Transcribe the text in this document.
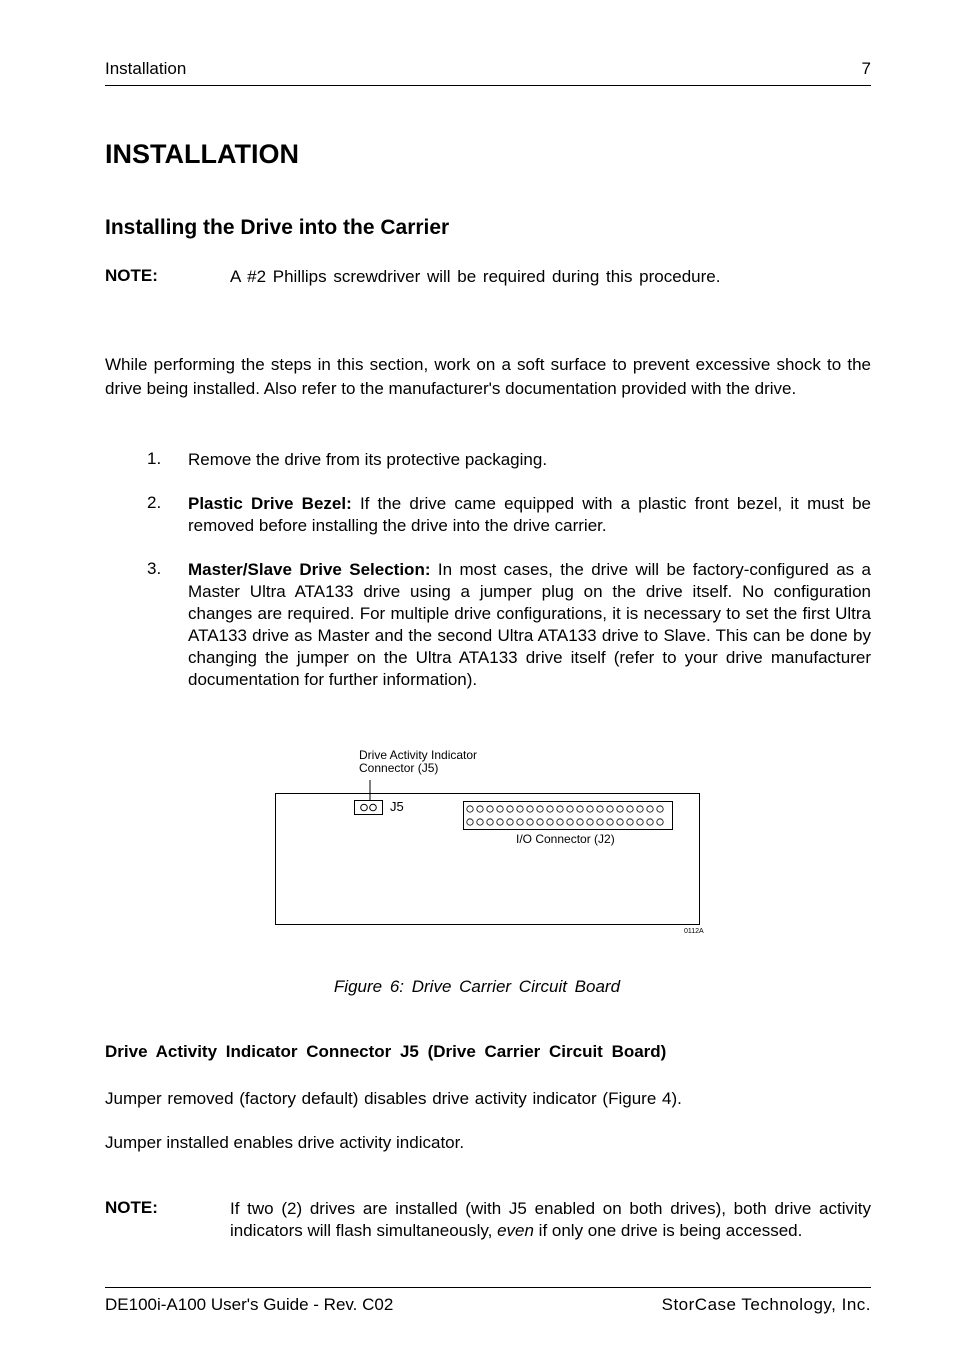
Installation	7
INSTALLATION
Installing the Drive into the Carrier
NOTE:	A #2 Phillips screwdriver will be required during this procedure.
While performing the steps in this section, work on a soft surface to prevent excessive shock to the drive being installed. Also refer to the manufacturer's documentation provided with the drive.
1. Remove the drive from its protective packaging.
2. Plastic Drive Bezel: If the drive came equipped with a plastic front bezel, it must be removed before installing the drive into the drive carrier.
3. Master/Slave Drive Selection: In most cases, the drive will be factory-configured as a Master Ultra ATA133 drive using a jumper plug on the drive itself. No configuration changes are required. For multiple drive configurations, it is necessary to set the first Ultra ATA133 drive as Master and the second Ultra ATA133 drive to Slave. This can be done by changing the jumper on the Ultra ATA133 drive itself (refer to your drive manufacturer documentation for further information).
Drive Activity Indicator
Connector (J5)
J5
I/O Connector (J2)
0112A
Figure 6: Drive Carrier Circuit Board
Drive Activity Indicator Connector J5 (Drive Carrier Circuit Board)
Jumper removed (factory default) disables drive activity indicator (Figure 4).
Jumper installed enables drive activity indicator.
NOTE:	If two (2) drives are installed (with J5 enabled on both drives), both drive activity indicators will flash simultaneously, even if only one drive is being accessed.
DE100i-A100 User's Guide - Rev. C02	StorCase Technology, Inc.
